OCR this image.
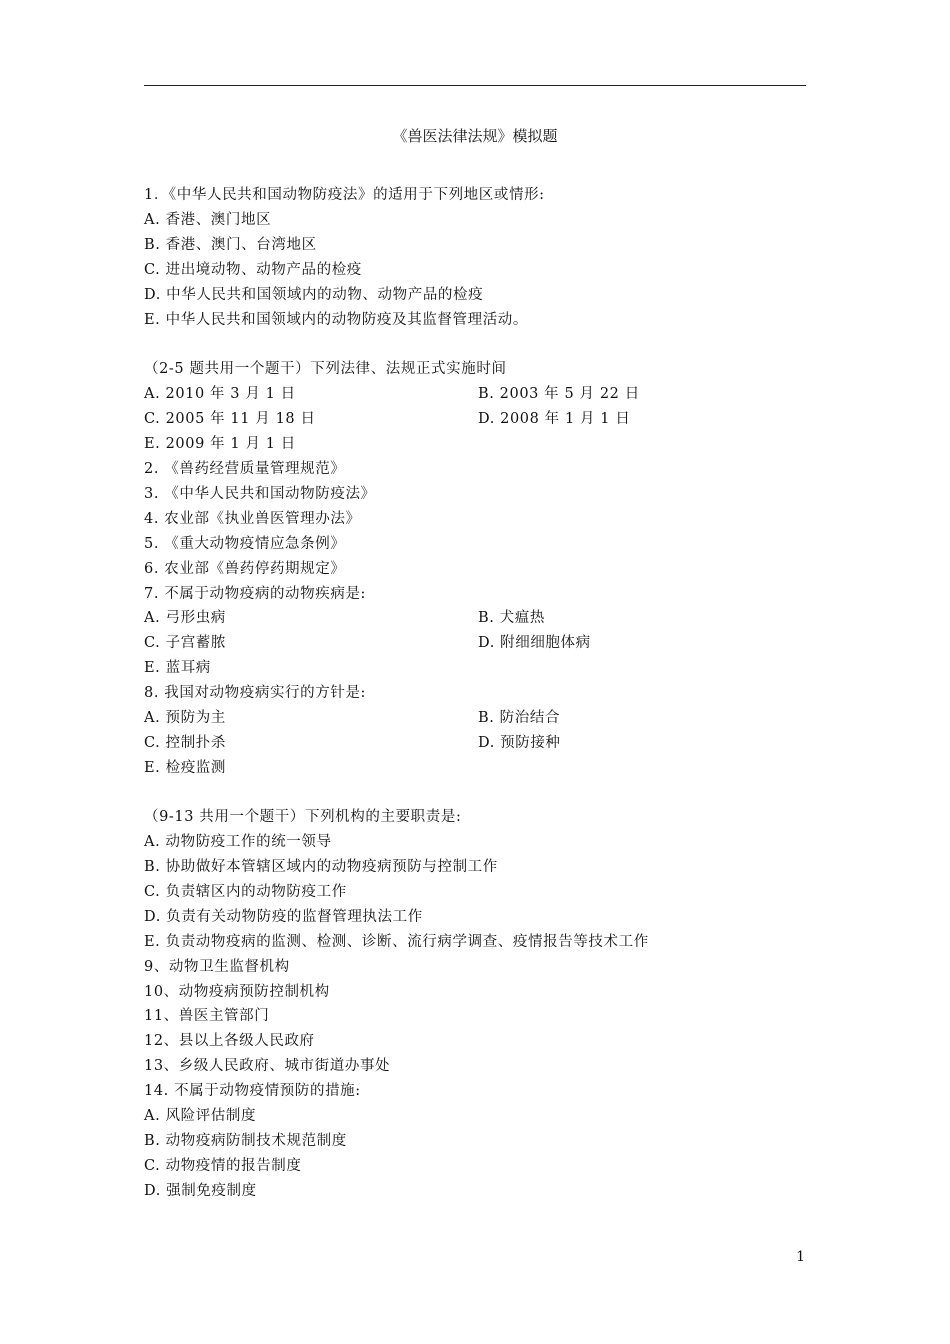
《兽医法律法规》模拟题
1．《中华人民共和国动物防疫法》的适用于下列地区或情形:
A. 香港、澳门地区
B. 香港、澳门、台湾地区
C. 进出境动物、动物产品的检疫
D. 中华人民共和国领域内的动物、动物产品的检疫
E. 中华人民共和国领域内的动物防疫及其监督管理活动。
（2-5 题共用一个题干）下列法律、法规正式实施时间
A. 2010 年 3 月 1 日	B. 2003 年 5 月 22 日
C. 2005 年 11 月 18 日	D. 2008 年 1 月 1 日
E. 2009 年 1 月 1 日
2. 《兽药经营质量管理规范》
3. 《中华人民共和国动物防疫法》
4. 农业部《执业兽医管理办法》
5. 《重大动物疫情应急条例》
6. 农业部《兽药停药期规定》
7. 不属于动物疫病的动物疾病是:
A. 弓形虫病	B. 犬瘟热
C. 子宫蓄脓	D. 附细细胞体病
E. 蓝耳病
8. 我国对动物疫病实行的方针是:
A. 预防为主	B. 防治结合
C. 控制扑杀	D. 预防接种
E. 检疫监测
（9-13 共用一个题干）下列机构的主要职责是:
A. 动物防疫工作的统一领导
B. 协助做好本管辖区域内的动物疫病预防与控制工作
C. 负责辖区内的动物防疫工作
D. 负责有关动物防疫的监督管理执法工作
E. 负责动物疫病的监测、检测、诊断、流行病学调查、疫情报告等技术工作
9、动物卫生监督机构
10、动物疫病预防控制机构
11、兽医主管部门
12、县以上各级人民政府
13、乡级人民政府、城市街道办事处
14. 不属于动物疫情预防的措施:
A. 风险评估制度
B. 动物疫病防制技术规范制度
C. 动物疫情的报告制度
D. 强制免疫制度
1
